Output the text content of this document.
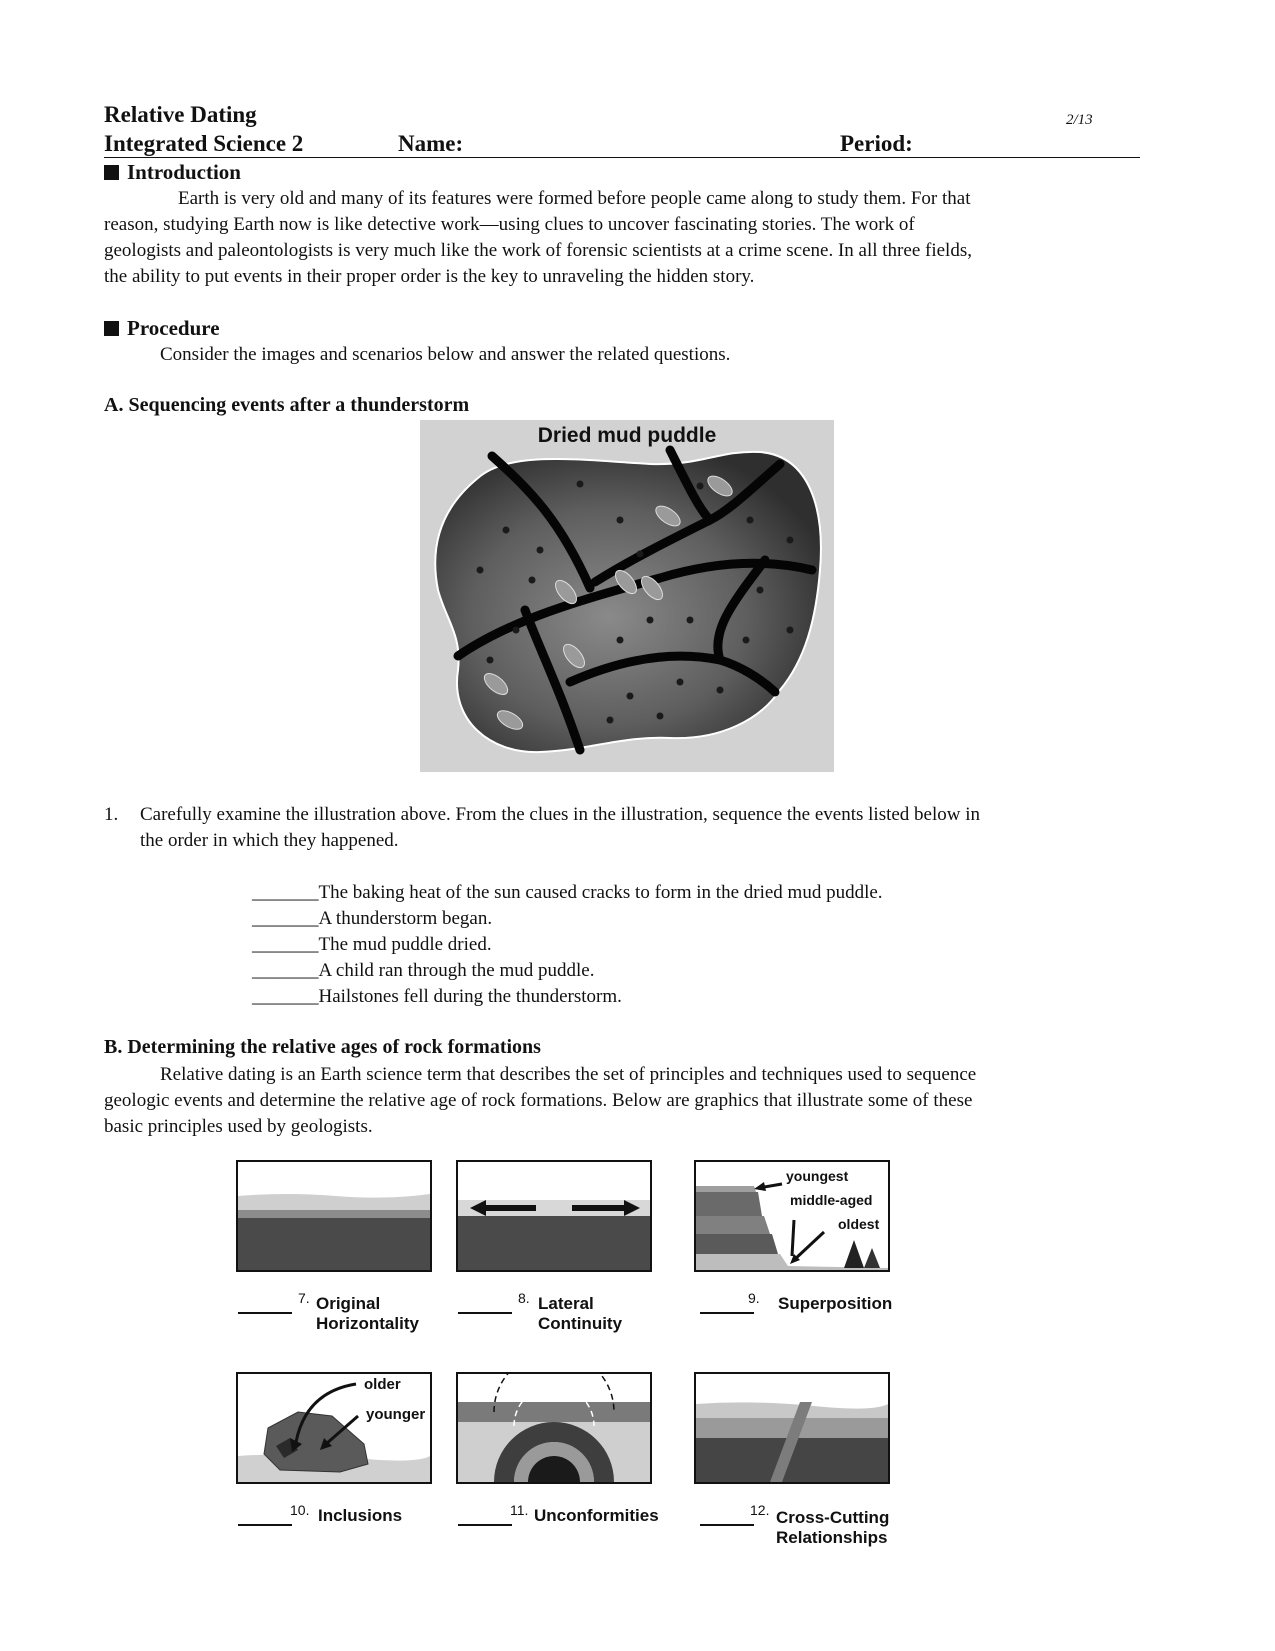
Relative Dating	2/13
Integrated Science 2	Name:	Period:
Introduction
Earth is very old and many of its features were formed before people came along to study them. For that
reason, studying Earth now is like detective work—using clues to uncover fascinating stories. The work of
geologists and paleontologists is very much like the work of forensic scientists at a crime scene. In all three fields,
the ability to put events in their proper order is the key to unraveling the hidden story.
Procedure
Consider the images and scenarios below and answer the related questions.
A. Sequencing events after a thunderstorm
Dried mud puddle
1. Carefully examine the illustration above. From the clues in the illustration, sequence the events listed below in
the order in which they happened.
_______The baking heat of the sun caused cracks to form in the dried mud puddle.
_______A thunderstorm began.
_______The mud puddle dried.
_______A child ran through the mud puddle.
_______Hailstones fell during the thunderstorm.
B. Determining the relative ages of rock formations
Relative dating is an Earth science term that describes the set of principles and techniques used to sequence
geologic events and determine the relative age of rock formations. Below are graphics that illustrate some of these
basic principles used by geologists.
7. Original
Horizontality
8. Lateral
Continuity
youngest
middle-aged
oldest
9. Superposition
older
younger
10. Inclusions	11. Unconformities	12. Cross-Cutting
Relationships
